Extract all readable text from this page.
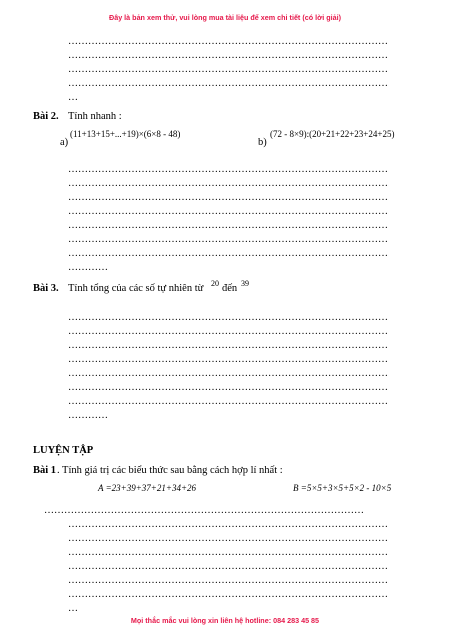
Đây là bản xem thử, vui lòng mua tài liệu để xem chi tiết (có lời giải)
……………………………………………………………………………………
……………………………………………………………………………………
……………………………………………………………………………………
……………………………………………………………………………………
…
Bài 2. Tính nhanh :
a)
(11+13+15+...+19)×(6×8 - 48)
b)
(72 - 8×9):(20+21+22+23+24+25)
……………………………………………………………………………………
……………………………………………………………………………………
……………………………………………………………………………………
……………………………………………………………………………………
……………………………………………………………………………………
……………………………………………………………………………………
……………………………………………………………………………………
…………
Bài 3. Tính tổng của các số tự nhiên từ 20 đến 39
……………………………………………………………………………………
……………………………………………………………………………………
……………………………………………………………………………………
……………………………………………………………………………………
……………………………………………………………………………………
……………………………………………………………………………………
……………………………………………………………………………………
…………
LUYỆN TẬP
Bài 1 . Tính giá trị các biểu thức sau bằng cách hợp lí nhất :
A =23+39+37+21+34+26	B =5×5+3×5+5×2 - 10×5
……………………………………………………………………………………
……………………………………………………………………………………
……………………………………………………………………………………
……………………………………………………………………………………
……………………………………………………………………………………
……………………………………………………………………………………
……………………………………………………………………………………
…
Mọi thắc mắc vui lòng xin liên hệ hotline: 084 283 45 85
